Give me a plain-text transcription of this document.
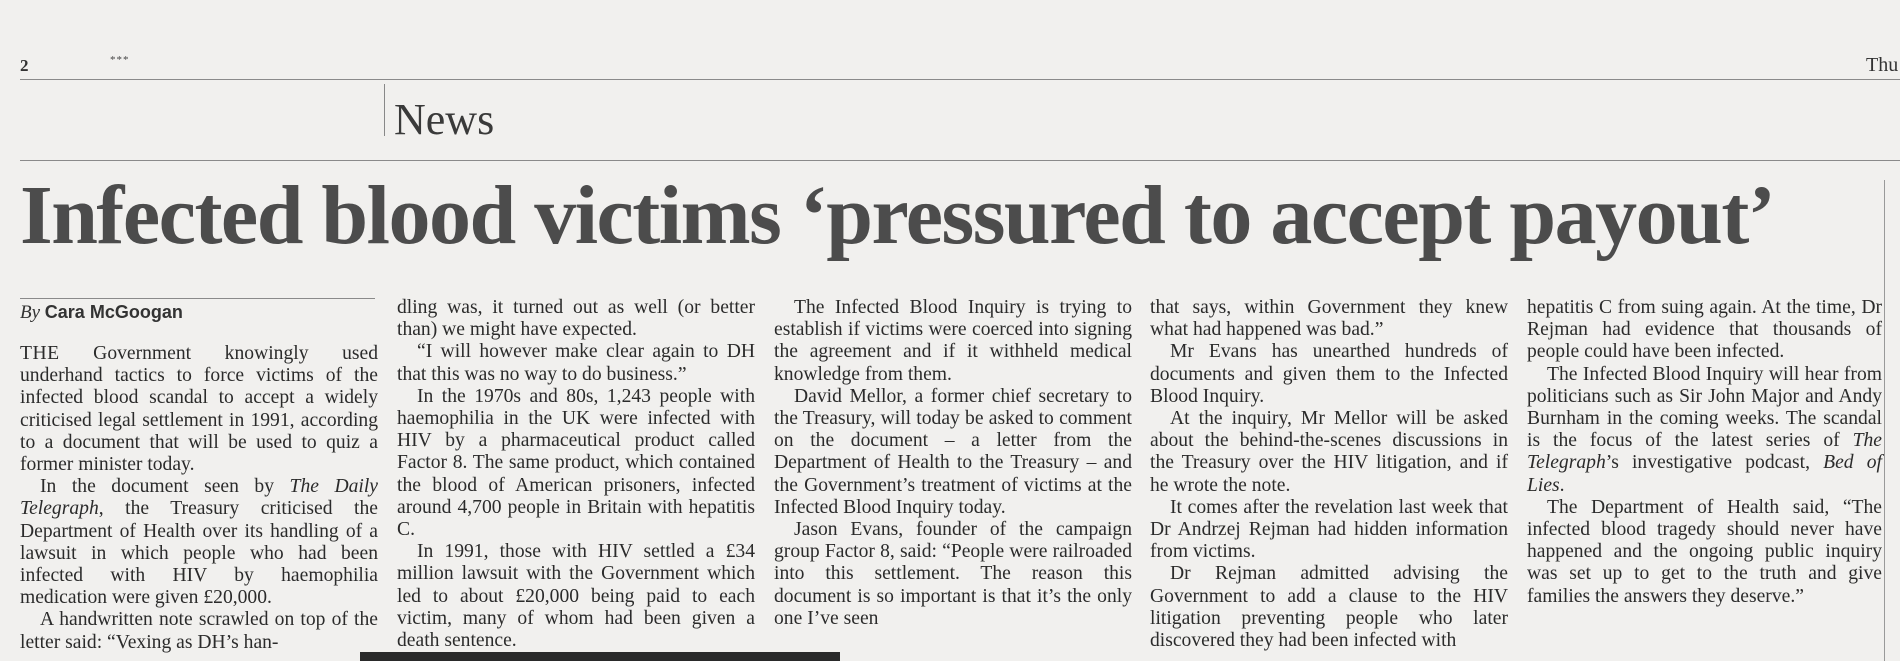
2	***	Thu
News
Infected blood victims ‘pressured to accept payout’
By Cara McGoogan

THE Government knowingly used underhand tactics to force victims of the infected blood scandal to accept a widely criticised legal settlement in 1991, according to a document that will be used to quiz a former minister today.

In the document seen by The Daily Telegraph, the Treasury criticised the Department of Health over its handling of a lawsuit in which people who had been infected with HIV by haemophilia medication were given £20,000.

A handwritten note scrawled on top of the letter said: “Vexing as DH’s han-

dling was, it turned out as well (or better than) we might have expected.

“I will however make clear again to DH that this was no way to do business.”

In the 1970s and 80s, 1,243 people with haemophilia in the UK were infected with HIV by a pharmaceutical product called Factor 8. The same product, which contained the blood of American prisoners, infected around 4,700 people in Britain with hepatitis C.

In 1991, those with HIV settled a £34 million lawsuit with the Government which led to about £20,000 being paid to each victim, many of whom had been given a death sentence.

The Infected Blood Inquiry is trying to establish if victims were coerced into signing the agreement and if it withheld medical knowledge from them.

David Mellor, a former chief secretary to the Treasury, will today be asked to comment on the document – a letter from the Department of Health to the Treasury – and the Government’s treatment of victims at the Infected Blood Inquiry today.

Jason Evans, founder of the campaign group Factor 8, said: “People were railroaded into this settlement. The reason this document is so important is that it’s the only one I’ve seen

that says, within Government they knew what had happened was bad.”

Mr Evans has unearthed hundreds of documents and given them to the Infected Blood Inquiry.

At the inquiry, Mr Mellor will be asked about the behind-the-scenes discussions in the Treasury over the HIV litigation, and if he wrote the note.

It comes after the revelation last week that Dr Andrzej Rejman had hidden information from victims.

Dr Rejman admitted advising the Government to add a clause to the HIV litigation preventing people who later discovered they had been infected with

hepatitis C from suing again. At the time, Dr Rejman had evidence that thousands of people could have been infected.

The Infected Blood Inquiry will hear from politicians such as Sir John Major and Andy Burnham in the coming weeks. The scandal is the focus of the latest series of The Telegraph’s investigative podcast, Bed of Lies.

The Department of Health said, “The infected blood tragedy should never have happened and the ongoing public inquiry was set up to get to the truth and give families the answers they deserve.”
